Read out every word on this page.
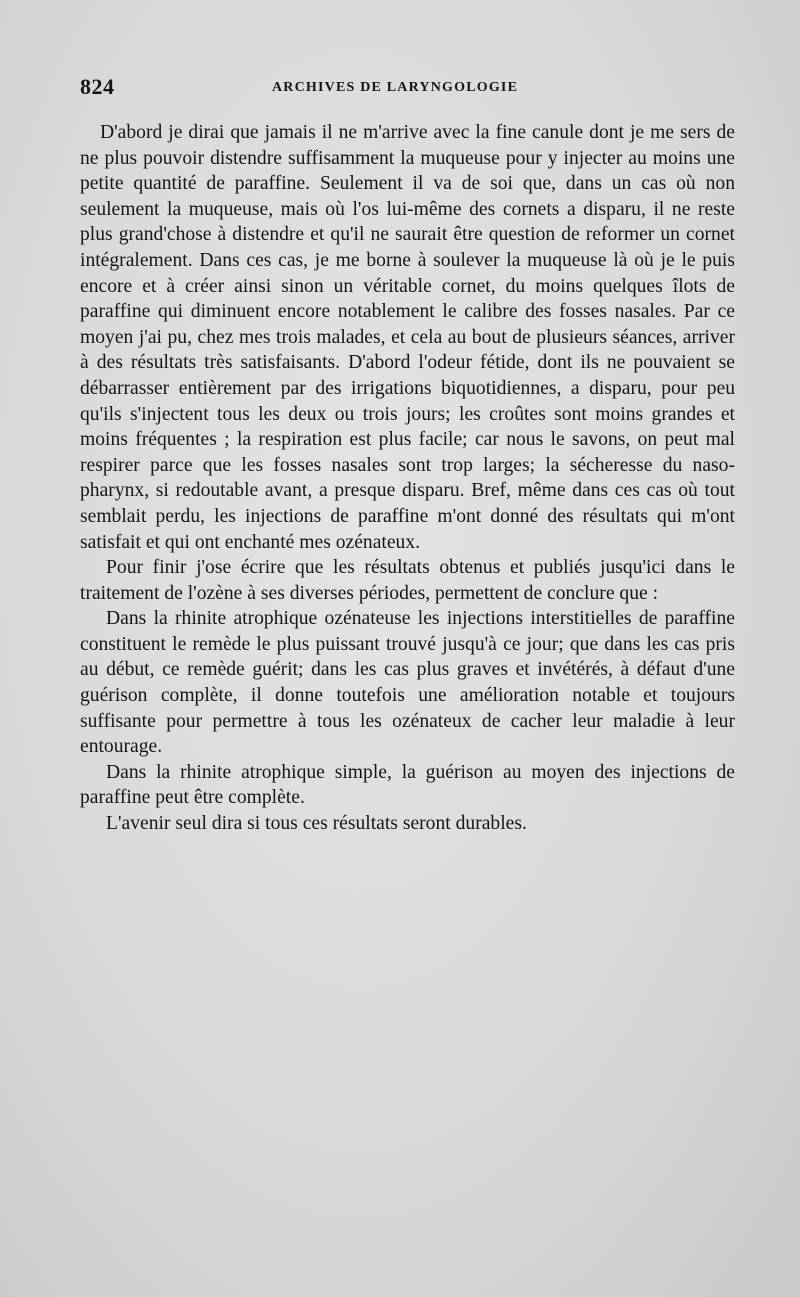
824	ARCHIVES DE LARYNGOLOGIE

D'abord je dirai que jamais il ne m'arrive avec la fine canule dont je me sers de ne plus pouvoir distendre suffisamment la muqueuse pour y injecter au moins une petite quantité de paraffine. Seulement il va de soi que, dans un cas où non seulement la muqueuse, mais où l'os lui-même des cornets a disparu, il ne reste plus grand'chose à distendre et qu'il ne saurait être question de reformer un cornet intégralement. Dans ces cas, je me borne à soulever la muqueuse là où je le puis encore et à créer ainsi sinon un véritable cornet, du moins quelques îlots de paraffine qui diminuent encore notablement le calibre des fosses nasales. Par ce moyen j'ai pu, chez mes trois malades, et cela au bout de plusieurs séances, arriver à des résultats très satisfaisants. D'abord l'odeur fétide, dont ils ne pouvaient se débarrasser entièrement par des irrigations biquotidiennes, a disparu, pour peu qu'ils s'injectent tous les deux ou trois jours; les croûtes sont moins grandes et moins fréquentes ; la respiration est plus facile; car nous le savons, on peut mal respirer parce que les fosses nasales sont trop larges; la sécheresse du naso-pharynx, si redoutable avant, a presque disparu. Bref, même dans ces cas où tout semblait perdu, les injections de paraffine m'ont donné des résultats qui m'ont satisfait et qui ont enchanté mes ozénateux.

Pour finir j'ose écrire que les résultats obtenus et publiés jusqu'ici dans le traitement de l'ozène à ses diverses périodes, permettent de conclure que :

Dans la rhinite atrophique ozénateuse les injections interstitielles de paraffine constituent le remède le plus puissant trouvé jusqu'à ce jour; que dans les cas pris au début, ce remède guérit; dans les cas plus graves et invétérés, à défaut d'une guérison complète, il donne toutefois une amélioration notable et toujours suffisante pour permettre à tous les ozénateux de cacher leur maladie à leur entourage.

Dans la rhinite atrophique simple, la guérison au moyen des injections de paraffine peut être complète.

L'avenir seul dira si tous ces résultats seront durables.
